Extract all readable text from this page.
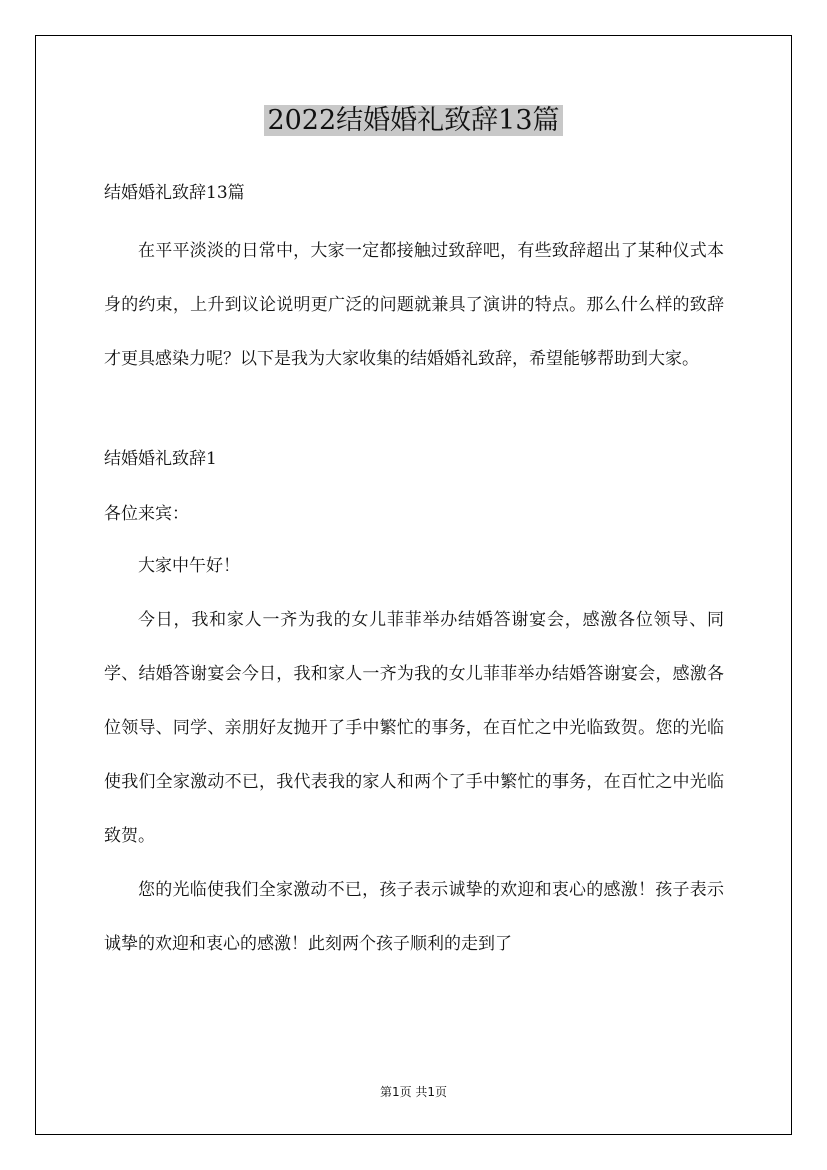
2022结婚婚礼致辞13篇

结婚婚礼致辞13篇

在平平淡淡的日常中，大家一定都接触过致辞吧，有些致辞超出了某种仪式本身的约束，上升到议论说明更广泛的问题就兼具了演讲的特点。那么什么样的致辞才更具感染力呢？以下是我为大家收集的结婚婚礼致辞，希望能够帮助到大家。

结婚婚礼致辞1

各位来宾：

大家中午好！

今日，我和家人一齐为我的女儿菲菲举办结婚答谢宴会，感激各位领导、同学、结婚答谢宴会今日，我和家人一齐为我的女儿菲菲举办结婚答谢宴会，感激各位领导、同学、亲朋好友抛开了手中繁忙的事务，在百忙之中光临致贺。您的光临使我们全家激动不已，我代表我的家人和两个了手中繁忙的事务，在百忙之中光临致贺。

您的光临使我们全家激动不已，孩子表示诚挚的欢迎和衷心的感激！孩子表示诚挚的欢迎和衷心的感激！此刻两个孩子顺利的走到了

第1页 共1页
